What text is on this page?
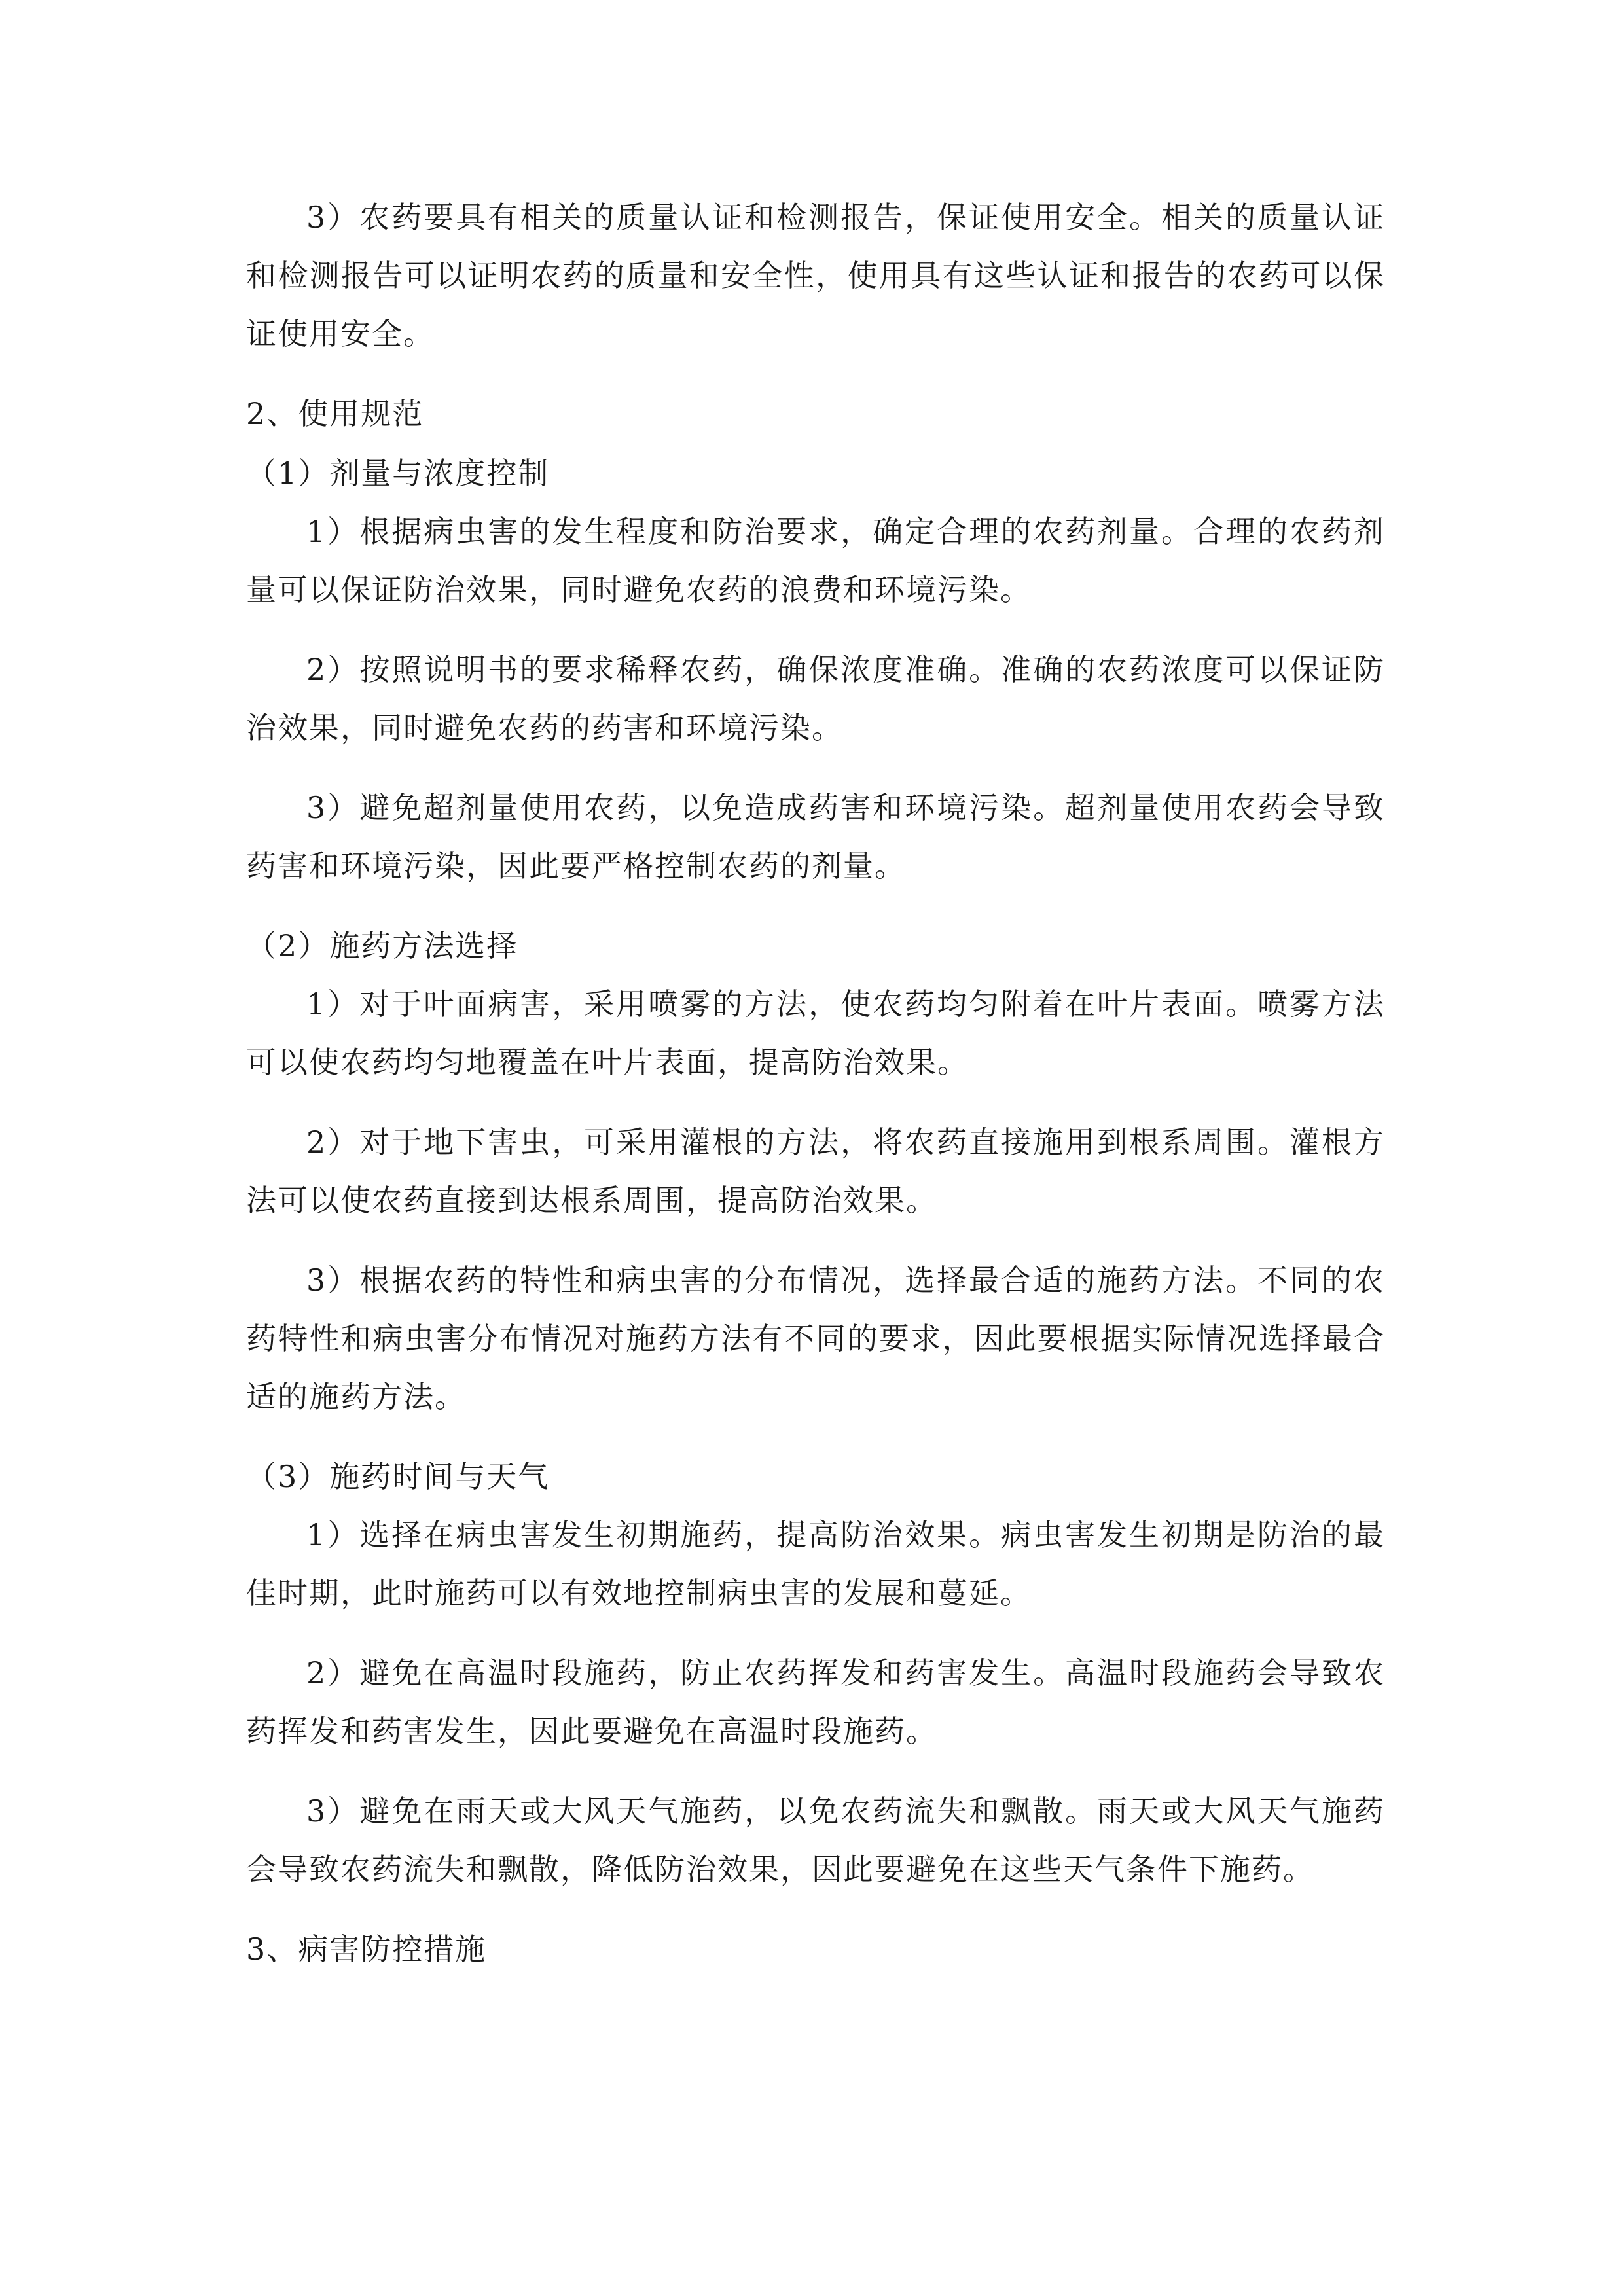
3）农药要具有相关的质量认证和检测报告，保证使用安全。相关的质量认证和检测报告可以证明农药的质量和安全性，使用具有这些认证和报告的农药可以保证使用安全。

2、使用规范

（1）剂量与浓度控制

1）根据病虫害的发生程度和防治要求，确定合理的农药剂量。合理的农药剂量可以保证防治效果，同时避免农药的浪费和环境污染。

2）按照说明书的要求稀释农药，确保浓度准确。准确的农药浓度可以保证防治效果，同时避免农药的药害和环境污染。

3）避免超剂量使用农药，以免造成药害和环境污染。超剂量使用农药会导致药害和环境污染，因此要严格控制农药的剂量。

（2）施药方法选择

1）对于叶面病害，采用喷雾的方法，使农药均匀附着在叶片表面。喷雾方法可以使农药均匀地覆盖在叶片表面，提高防治效果。

2）对于地下害虫，可采用灌根的方法，将农药直接施用到根系周围。灌根方法可以使农药直接到达根系周围，提高防治效果。

3）根据农药的特性和病虫害的分布情况，选择最合适的施药方法。不同的农药特性和病虫害分布情况对施药方法有不同的要求，因此要根据实际情况选择最合适的施药方法。

（3）施药时间与天气

1）选择在病虫害发生初期施药，提高防治效果。病虫害发生初期是防治的最佳时期，此时施药可以有效地控制病虫害的发展和蔓延。

2）避免在高温时段施药，防止农药挥发和药害发生。高温时段施药会导致农药挥发和药害发生，因此要避免在高温时段施药。

3）避免在雨天或大风天气施药，以免农药流失和飘散。雨天或大风天气施药会导致农药流失和飘散，降低防治效果，因此要避免在这些天气条件下施药。

3、病害防控措施
